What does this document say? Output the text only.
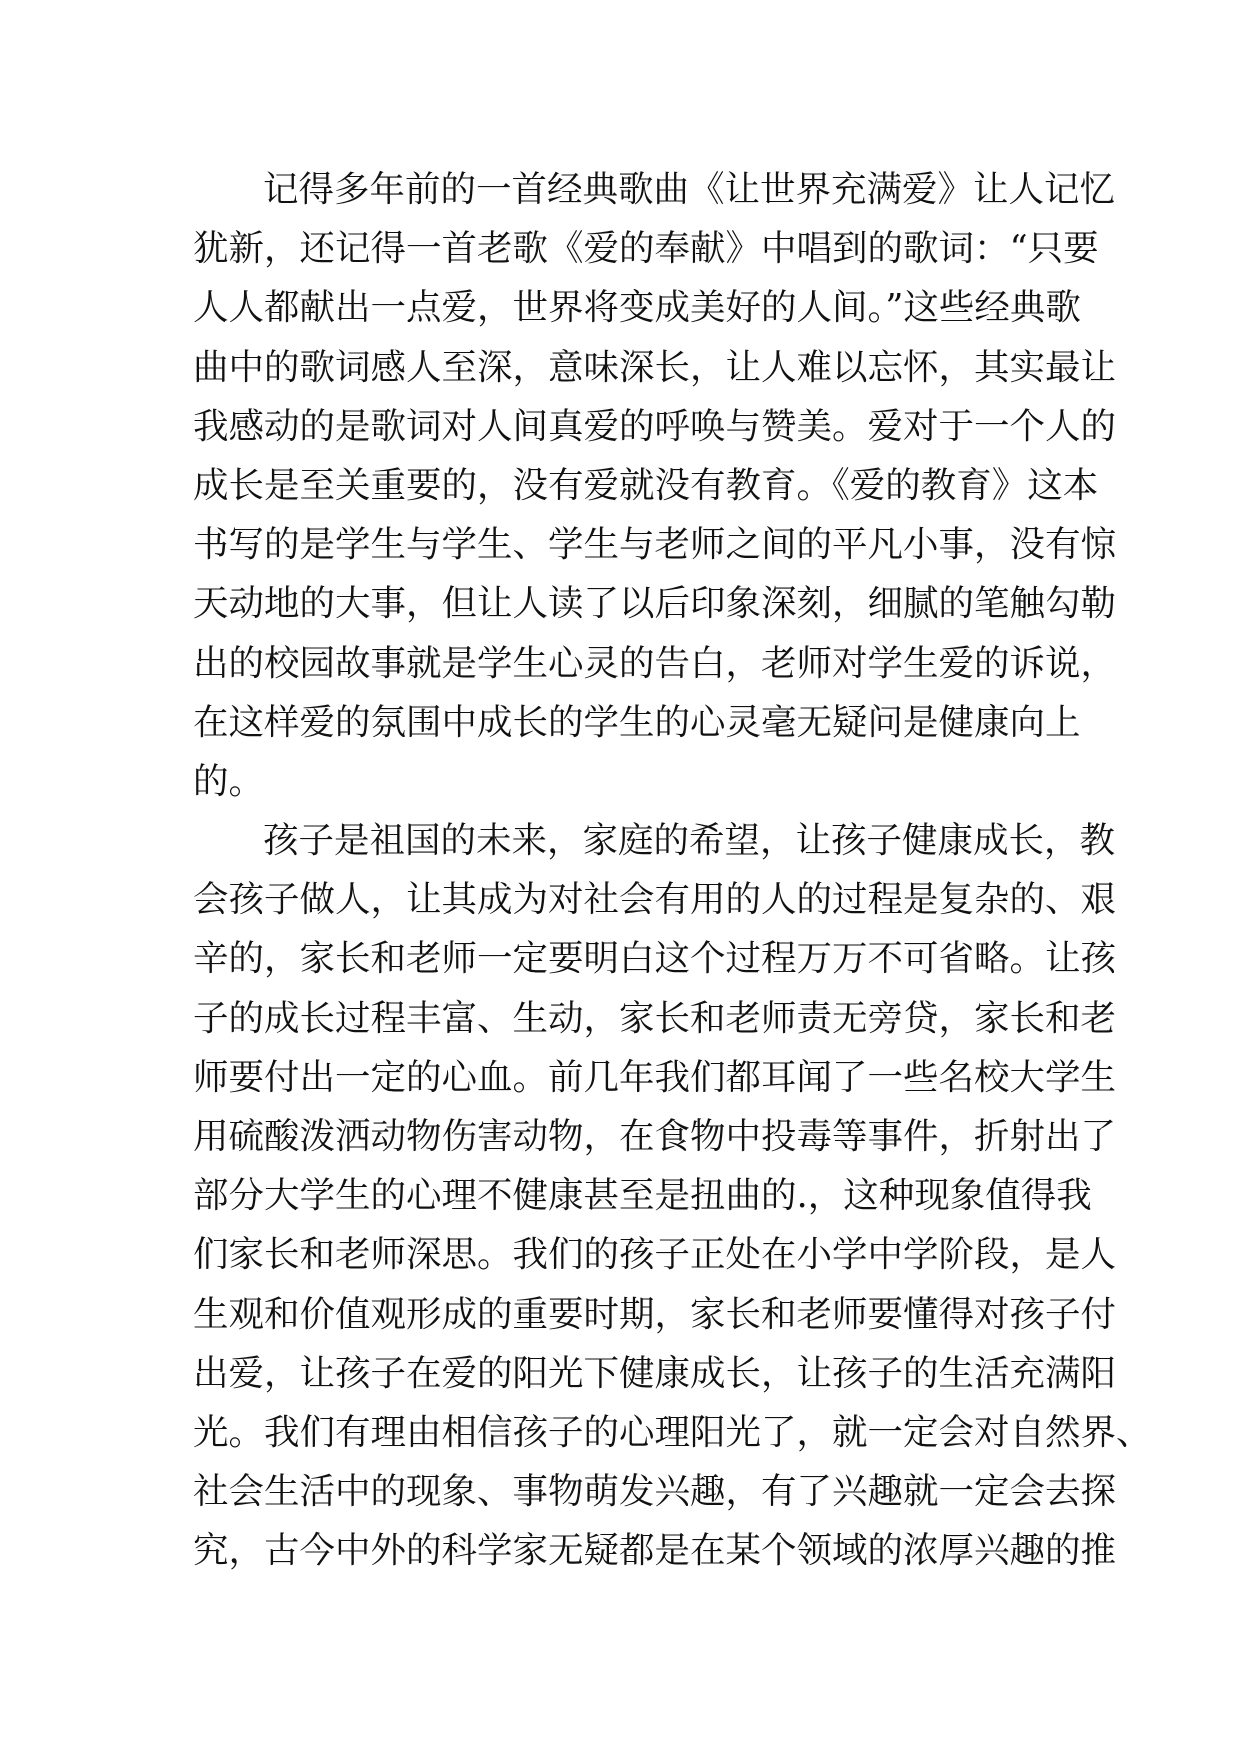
记得多年前的一首经典歌曲《让世界充满爱》让人记忆
犹新，还记得一首老歌《爱的奉献》中唱到的歌词：“只要
人人都献出一点爱，世界将变成美好的人间。”这些经典歌
曲中的歌词感人至深，意味深长，让人难以忘怀，其实最让
我感动的是歌词对人间真爱的呼唤与赞美。爱对于一个人的
成长是至关重要的，没有爱就没有教育。《爱的教育》这本
书写的是学生与学生、学生与老师之间的平凡小事，没有惊
天动地的大事，但让人读了以后印象深刻，细腻的笔触勾勒
出的校园故事就是学生心灵的告白，老师对学生爱的诉说，
在这样爱的氛围中成长的学生的心灵毫无疑问是健康向上
的。
孩子是祖国的未来，家庭的希望，让孩子健康成长，教
会孩子做人，让其成为对社会有用的人的过程是复杂的、艰
辛的，家长和老师一定要明白这个过程万万不可省略。让孩
子的成长过程丰富、生动，家长和老师责无旁贷，家长和老
师要付出一定的心血。前几年我们都耳闻了一些名校大学生
用硫酸泼洒动物伤害动物，在食物中投毒等事件，折射出了
部分大学生的心理不健康甚至是扭曲的.，这种现象值得我
们家长和老师深思。我们的孩子正处在小学中学阶段，是人
生观和价值观形成的重要时期，家长和老师要懂得对孩子付
出爱，让孩子在爱的阳光下健康成长，让孩子的生活充满阳
光。我们有理由相信孩子的心理阳光了，就一定会对自然界、
社会生活中的现象、事物萌发兴趣，有了兴趣就一定会去探
究，古今中外的科学家无疑都是在某个领域的浓厚兴趣的推
